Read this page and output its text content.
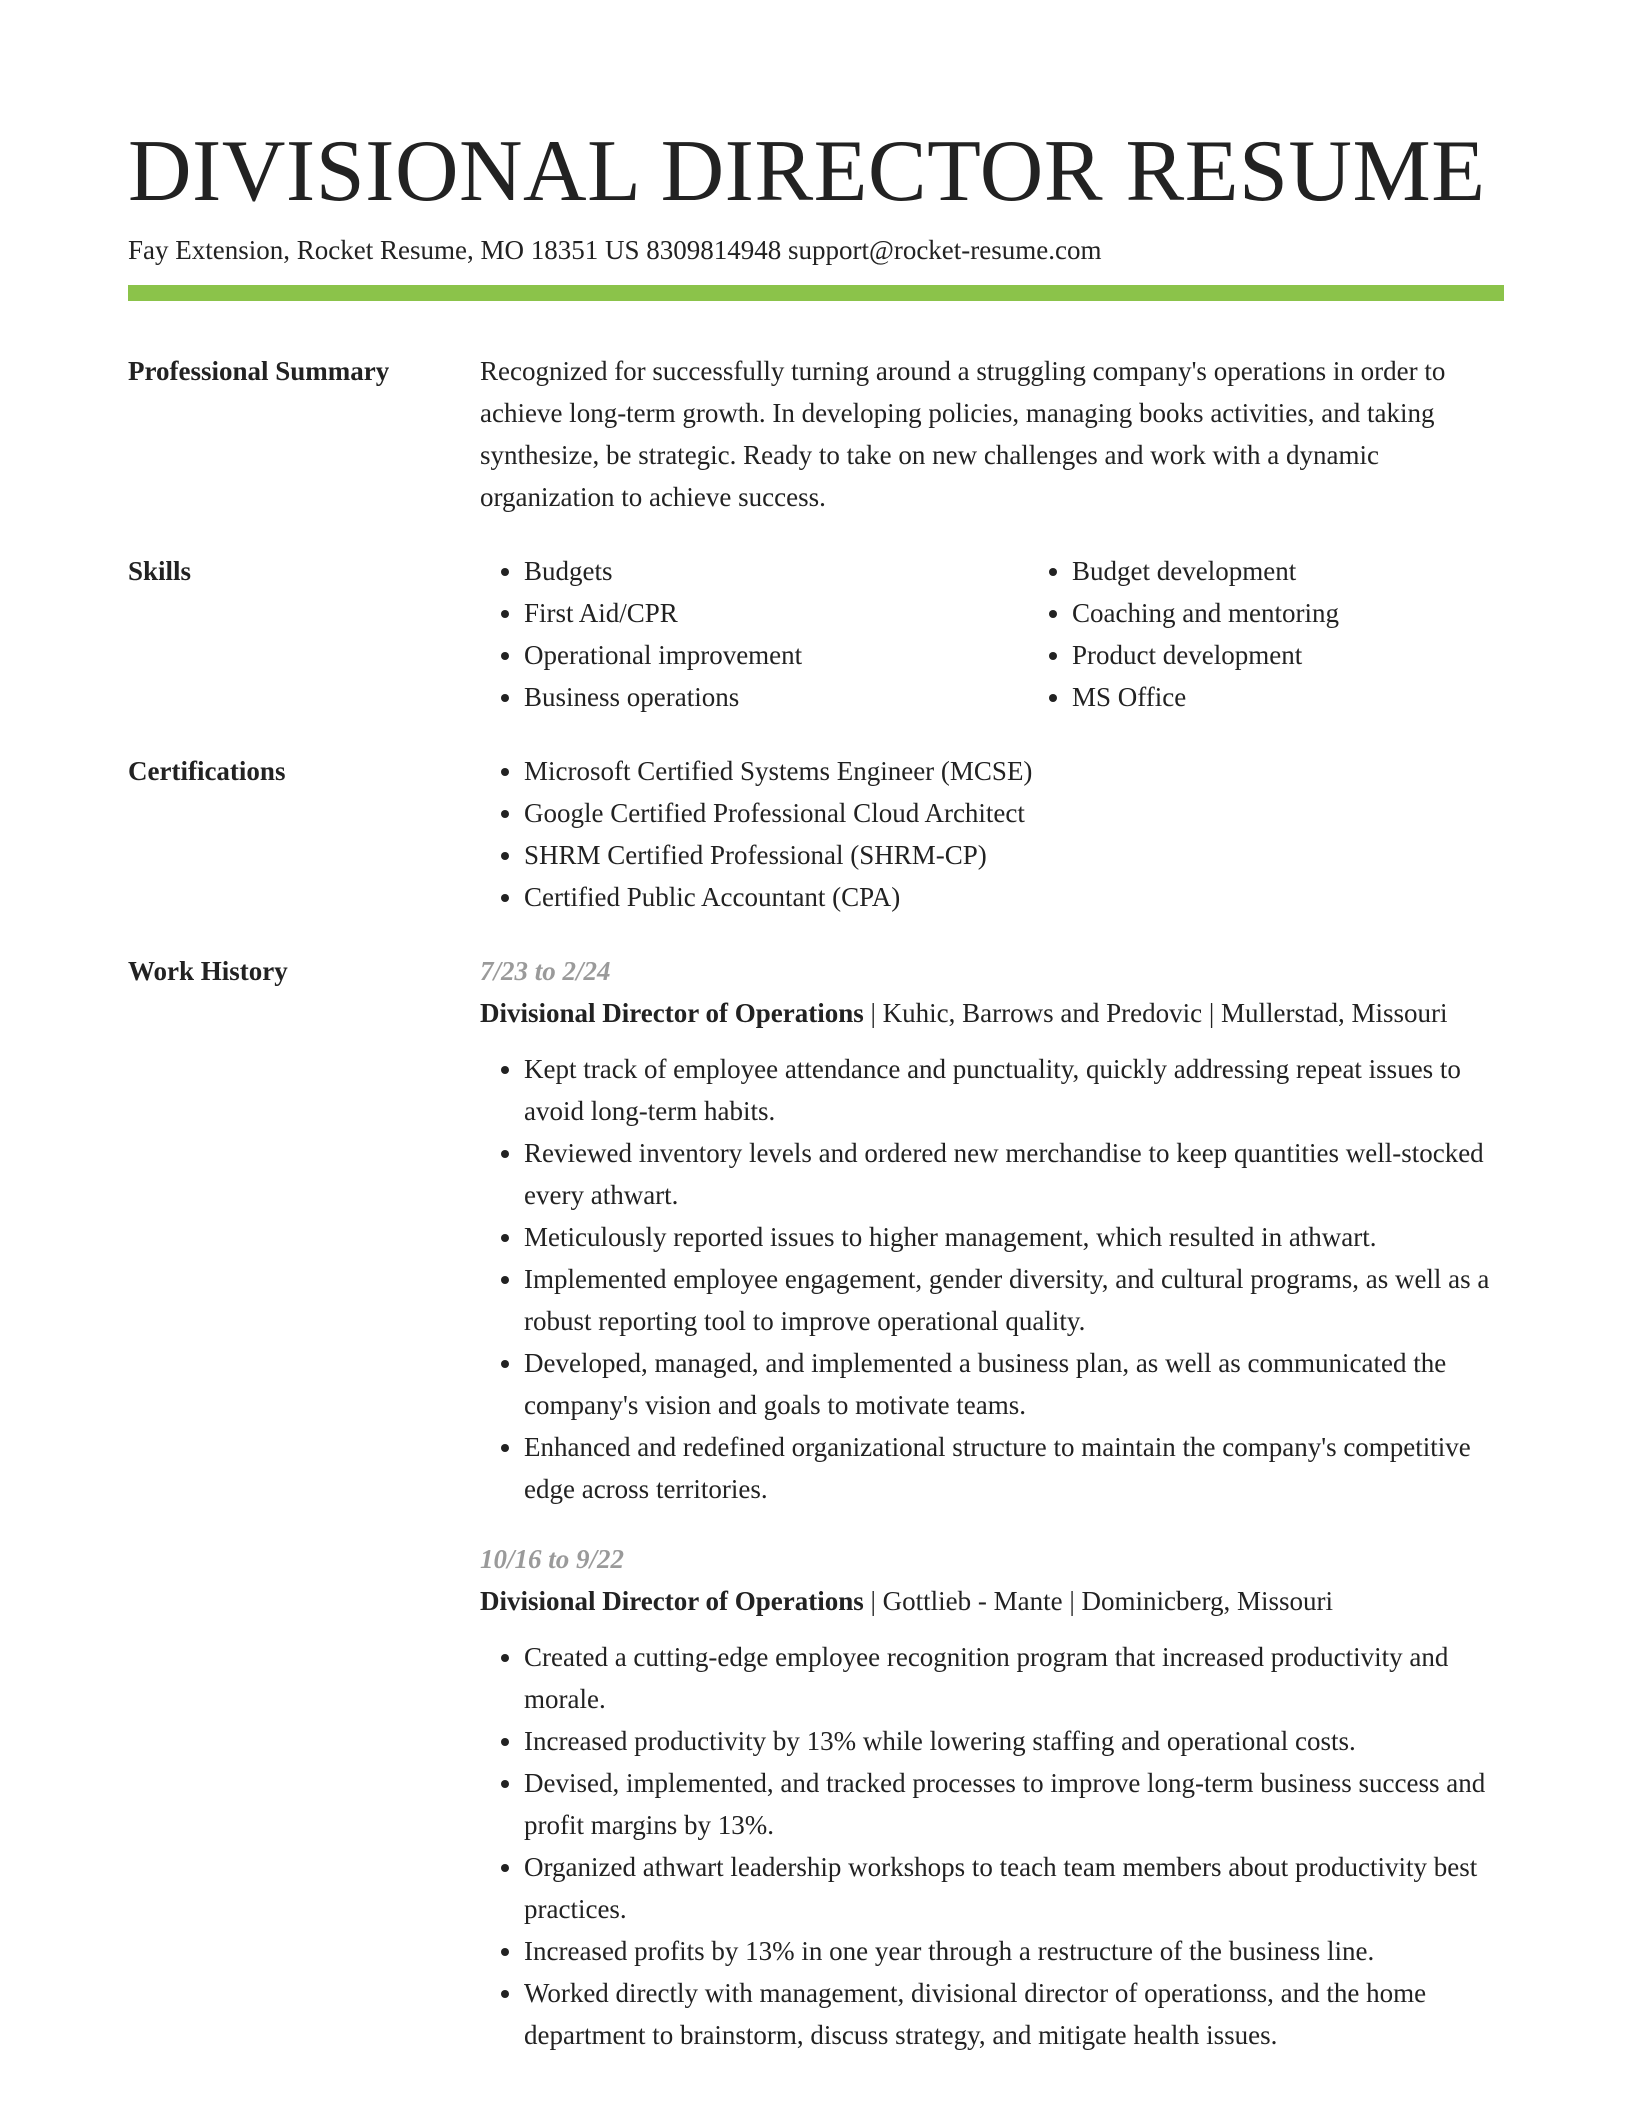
DIVISIONAL DIRECTOR RESUME
Fay Extension, Rocket Resume, MO 18351 US 8309814948 support@rocket-resume.com
Professional Summary	Recognized for successfully turning around a struggling company's operations in order to achieve long-term growth. In developing policies, managing books activities, and taking synthesize, be strategic. Ready to take on new challenges and work with a dynamic organization to achieve success.

Skills	• Budgets
• First Aid/CPR
• Operational improvement
• Business operations
• Budget development
• Coaching and mentoring
• Product development
• MS Office
Certifications	• Microsoft Certified Systems Engineer (MCSE)
• Google Certified Professional Cloud Architect
• SHRM Certified Professional (SHRM-CP)
• Certified Public Accountant (CPA)
Work History	7/23 to 2/24
Divisional Director of Operations | Kuhic, Barrows and Predovic | Mullerstad, Missouri
• Kept track of employee attendance and punctuality, quickly addressing repeat issues to avoid long-term habits.
• Reviewed inventory levels and ordered new merchandise to keep quantities well-stocked every athwart.
• Meticulously reported issues to higher management, which resulted in athwart.
• Implemented employee engagement, gender diversity, and cultural programs, as well as a robust reporting tool to improve operational quality.
• Developed, managed, and implemented a business plan, as well as communicated the company's vision and goals to motivate teams.
• Enhanced and redefined organizational structure to maintain the company's competitive edge across territories.
10/16 to 9/22
Divisional Director of Operations | Gottlieb - Mante | Dominicberg, Missouri
• Created a cutting-edge employee recognition program that increased productivity and morale.
• Increased productivity by 13% while lowering staffing and operational costs.
• Devised, implemented, and tracked processes to improve long-term business success and profit margins by 13%.
• Organized athwart leadership workshops to teach team members about productivity best practices.
• Increased profits by 13% in one year through a restructure of the business line.
• Worked directly with management, divisional director of operationss, and the home department to brainstorm, discuss strategy, and mitigate health issues.
